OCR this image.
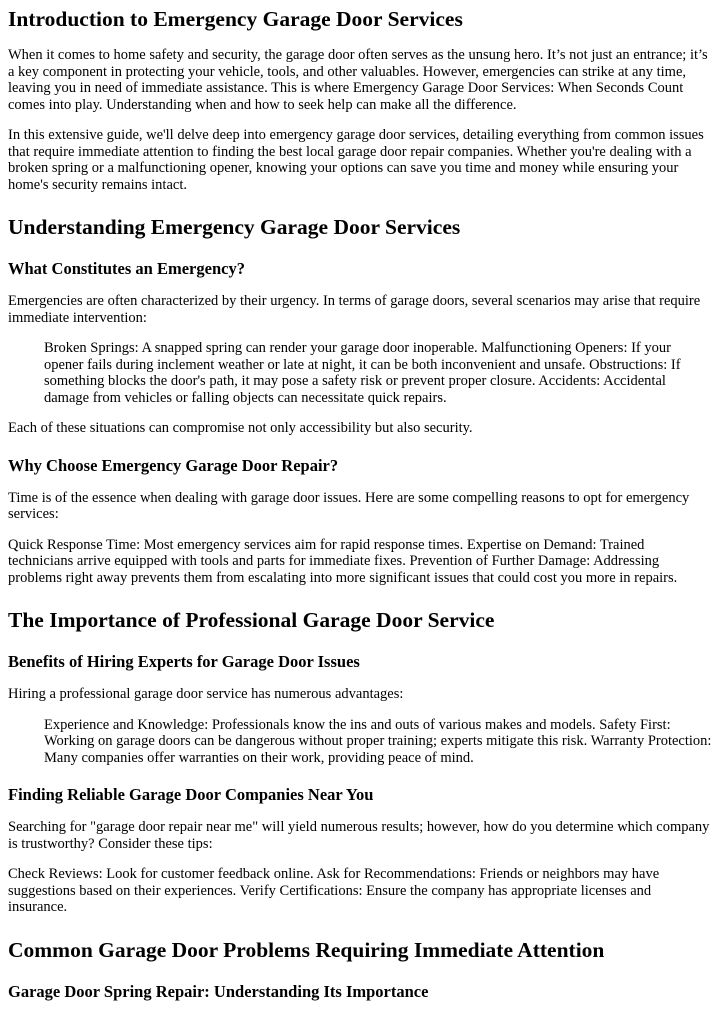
Introduction to Emergency Garage Door Services

When it comes to home safety and security, the garage door often serves as the unsung hero. It’s not just an entrance; it’s a key component in protecting your vehicle, tools, and other valuables. However, emergencies can strike at any time, leaving you in need of immediate assistance. This is where Emergency Garage Door Services: When Seconds Count comes into play. Understanding when and how to seek help can make all the difference.

In this extensive guide, we'll delve deep into emergency garage door services, detailing everything from common issues that require immediate attention to finding the best local garage door repair companies. Whether you're dealing with a broken spring or a malfunctioning opener, knowing your options can save you time and money while ensuring your home's security remains intact.

Understanding Emergency Garage Door Services
What Constitutes an Emergency?

Emergencies are often characterized by their urgency. In terms of garage doors, several scenarios may arise that require immediate intervention:

Broken Springs: A snapped spring can render your garage door inoperable. Malfunctioning Openers: If your opener fails during inclement weather or late at night, it can be both inconvenient and unsafe. Obstructions: If something blocks the door's path, it may pose a safety risk or prevent proper closure. Accidents: Accidental damage from vehicles or falling objects can necessitate quick repairs.

Each of these situations can compromise not only accessibility but also security.

Why Choose Emergency Garage Door Repair?

Time is of the essence when dealing with garage door issues. Here are some compelling reasons to opt for emergency services:

Quick Response Time: Most emergency services aim for rapid response times. Expertise on Demand: Trained technicians arrive equipped with tools and parts for immediate fixes. Prevention of Further Damage: Addressing problems right away prevents them from escalating into more significant issues that could cost you more in repairs.

The Importance of Professional Garage Door Service
Benefits of Hiring Experts for Garage Door Issues

Hiring a professional garage door service has numerous advantages:

Experience and Knowledge: Professionals know the ins and outs of various makes and models. Safety First: Working on garage doors can be dangerous without proper training; experts mitigate this risk. Warranty Protection: Many companies offer warranties on their work, providing peace of mind.
Finding Reliable Garage Door Companies Near You

Searching for "garage door repair near me" will yield numerous results; however, how do you determine which company is trustworthy? Consider these tips:

Check Reviews: Look for customer feedback online. Ask for Recommendations: Friends or neighbors may have suggestions based on their experiences. Verify Certifications: Ensure the company has appropriate licenses and insurance.

Common Garage Door Problems Requiring Immediate Attention
Garage Door Spring Repair: Understanding Its Importance
